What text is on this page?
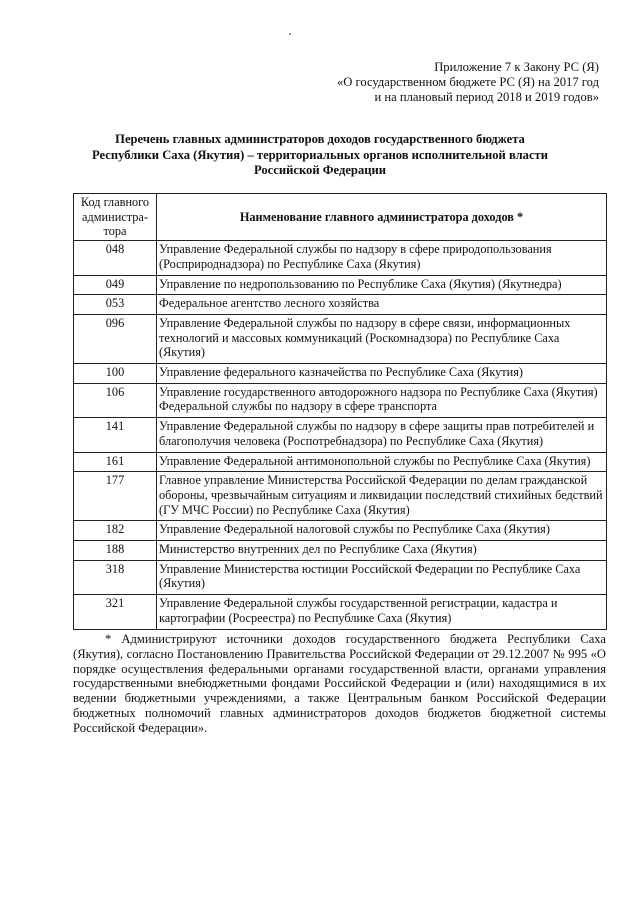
Приложение 7 к Закону РС (Я)
«О государственном бюджете РС (Я) на 2017 год
и на плановый период 2018 и 2019 годов»
Перечень главных администраторов доходов государственного бюджета
Республики Саха (Якутия) – территориальных органов исполнительной власти
Российской Федерации
Код главного администра-тора	Наименование главного администратора доходов *
048	Управление Федеральной службы по надзору в сфере природопользования (Росприроднадзора) по Республике Саха (Якутия)
049	Управление по недропользованию по Республике Саха (Якутия) (Якутнедра)
053	Федеральное агентство лесного хозяйства
096	Управление Федеральной службы по надзору в сфере связи, информационных технологий и массовых коммуникаций (Роскомнадзора) по Республике Саха (Якутия)
100	Управление федерального казначейства по Республике Саха (Якутия)
106	Управление государственного автодорожного надзора по Республике Саха (Якутия) Федеральной службы по надзору в сфере транспорта
141	Управление Федеральной службы по надзору в сфере защиты прав потребителей и благополучия человека (Роспотребнадзора) по Республике Саха (Якутия)
161	Управление Федеральной антимонопольной службы по Республике Саха (Якутия)
177	Главное управление Министерства Российской Федерации по делам гражданской обороны, чрезвычайным ситуациям и ликвидации последствий стихийных бедствий (ГУ МЧС России) по Республике Саха (Якутия)
182	Управление Федеральной налоговой службы по Республике Саха (Якутия)
188	Министерство внутренних дел по Республике Саха (Якутия)
318	Управление Министерства юстиции Российской Федерации по Республике Саха (Якутия)
321	Управление Федеральной службы государственной регистрации, кадастра и картографии (Росреестра) по Республике Саха (Якутия)
* Администрируют источники доходов государственного бюджета Республики Саха (Якутия), согласно Постановлению Правительства Российской Федерации от 29.12.2007 № 995 «О порядке осуществления федеральными органами государственной власти, органами управления государственными внебюджетными фондами Российской Федерации и (или) находящимися в их ведении бюджетными учреждениями, а также Центральным банком Российской Федерации бюджетных полномочий главных администраторов доходов бюджетов бюджетной системы Российской Федерации».
